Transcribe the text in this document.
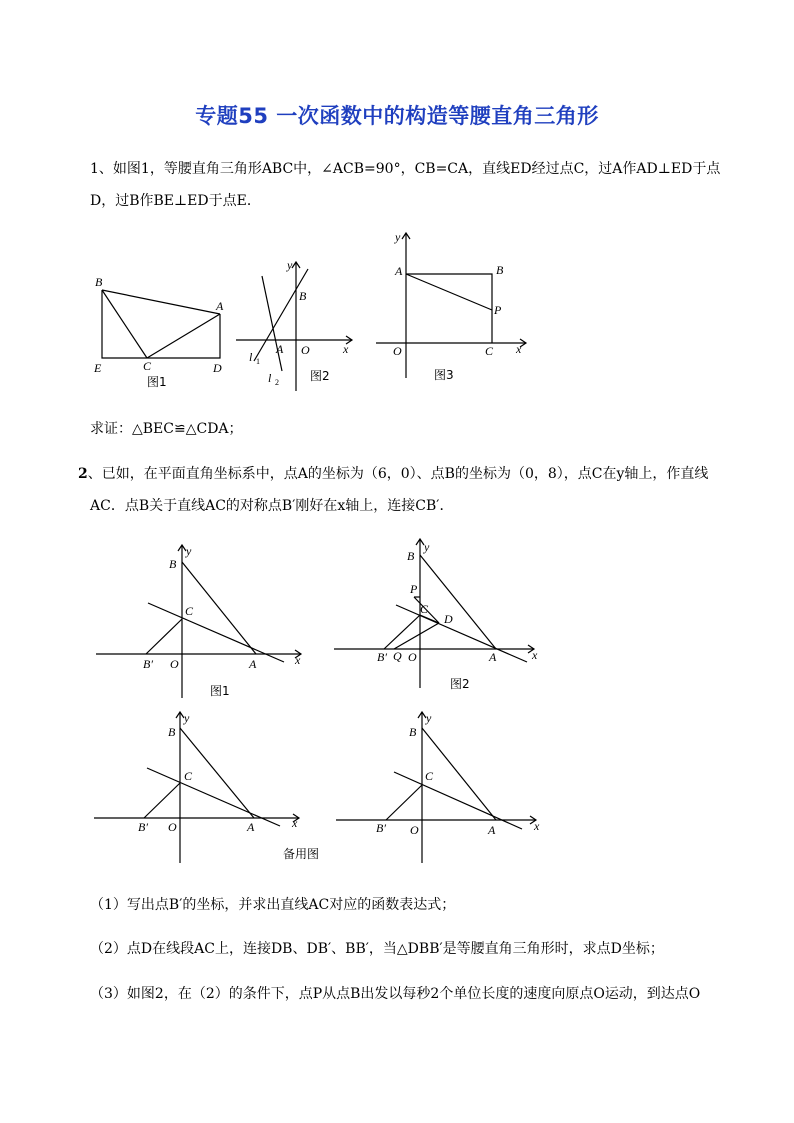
专题55 一次函数中的构造等腰直角三角形
1、如图1，等腰直角三角形ABC中，∠ACB=90°，CB=CA，直线ED经过点C，过A作AD⊥ED于点
D，过B作BE⊥ED于点E．
B
A
E	C	D
图1
y
B
x
A O
l 1
l 2	图2
y
A	B
P
O	C x
图3
求证：△BEC≌△CDA；
2、已如，在平面直角坐标系中，点A的坐标为（6，0）、点B的坐标为（0，8），点C在y轴上，作直线
AC．点B关于直线AC的对称点B′刚好在x轴上，连接CB′．
y
B
C
B′ O	A	x
图1
y
B
P
C
D
B′ Q O	A	x
图2
y
B
C
B′ O	A	x
备用图
y
B
C
B′ O	A	x
（1）写出点B′的坐标，并求出直线AC对应的函数表达式；
（2）点D在线段AC上，连接DB、DB′、BB′，当△DBB′是等腰直角三角形时，求点D坐标；
（3）如图2，在（2）的条件下，点P从点B出发以每秒2个单位长度的速度向原点O运动，到达点O
